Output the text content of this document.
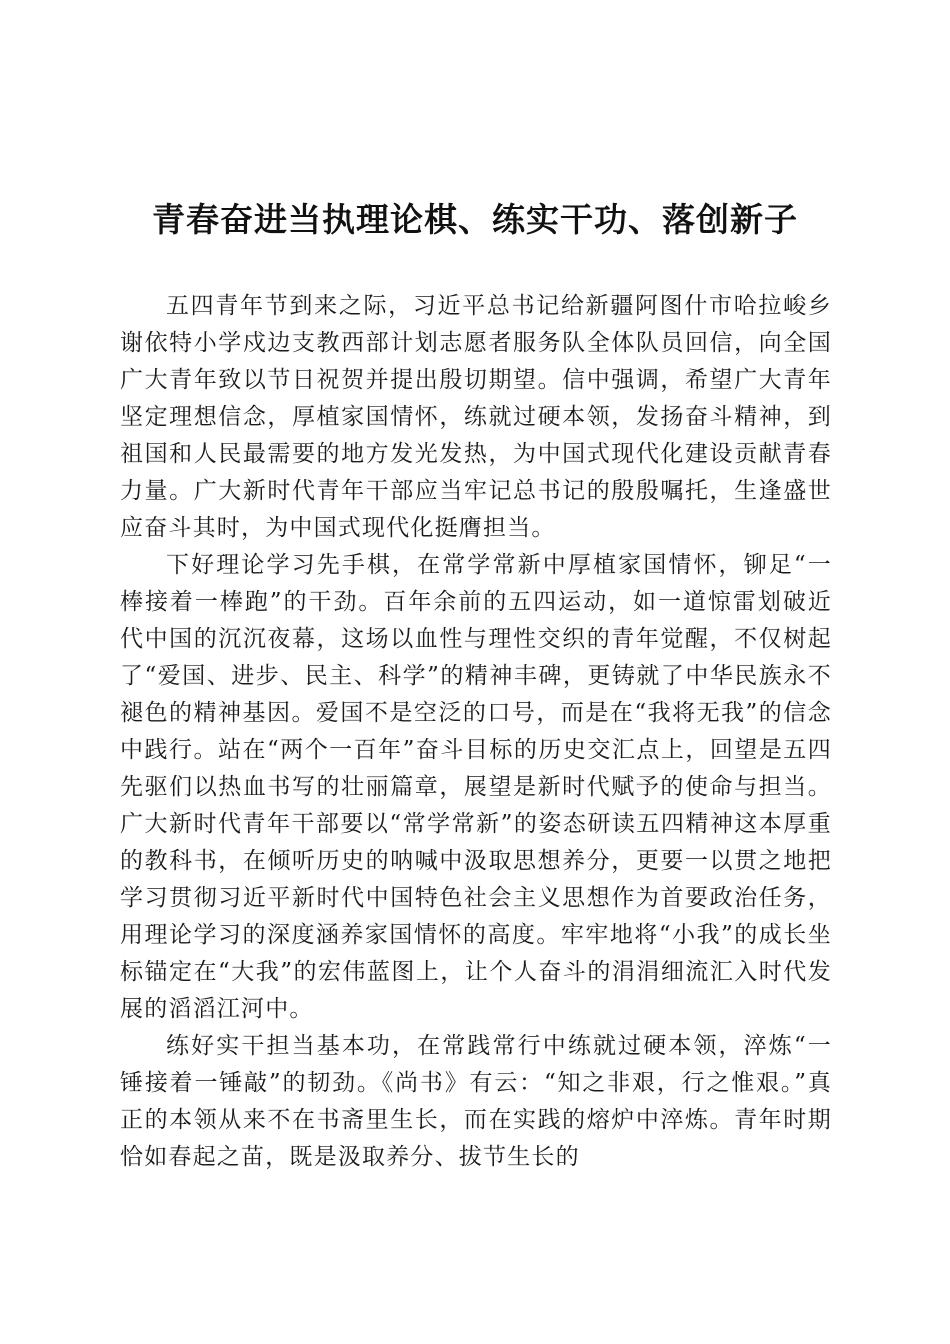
青春奋进当执理论棋、练实干功、落创新子

五四青年节到来之际，习近平总书记给新疆阿图什市哈拉峻乡谢依特小学戍边支教西部计划志愿者服务队全体队员回信，向全国广大青年致以节日祝贺并提出殷切期望。信中强调，希望广大青年坚定理想信念，厚植家国情怀，练就过硬本领，发扬奋斗精神，到祖国和人民最需要的地方发光发热，为中国式现代化建设贡献青春力量。广大新时代青年干部应当牢记总书记的殷殷嘱托，生逢盛世应奋斗其时，为中国式现代化挺膺担当。

下好理论学习先手棋，在常学常新中厚植家国情怀，铆足“一棒接着一棒跑”的干劲。百年余前的五四运动，如一道惊雷划破近代中国的沉沉夜幕，这场以血性与理性交织的青年觉醒，不仅树起了“爱国、进步、民主、科学”的精神丰碑，更铸就了中华民族永不褪色的精神基因。爱国不是空泛的口号，而是在“我将无我”的信念中践行。站在“两个一百年”奋斗目标的历史交汇点上，回望是五四先驱们以热血书写的壮丽篇章，展望是新时代赋予的使命与担当。广大新时代青年干部要以“常学常新”的姿态研读五四精神这本厚重的教科书，在倾听历史的呐喊中汲取思想养分，更要一以贯之地把学习贯彻习近平新时代中国特色社会主义思想作为首要政治任务，用理论学习的深度涵养家国情怀的高度。牢牢地将“小我”的成长坐标锚定在“大我”的宏伟蓝图上，让个人奋斗的涓涓细流汇入时代发展的滔滔江河中。

练好实干担当基本功，在常践常行中练就过硬本领，淬炼“一锤接着一锤敲”的韧劲。《尚书》有云：“知之非艰，行之惟艰。”真正的本领从来不在书斋里生长，而在实践的熔炉中淬炼。青年时期恰如春起之苗，既是汲取养分、拔节生长的
